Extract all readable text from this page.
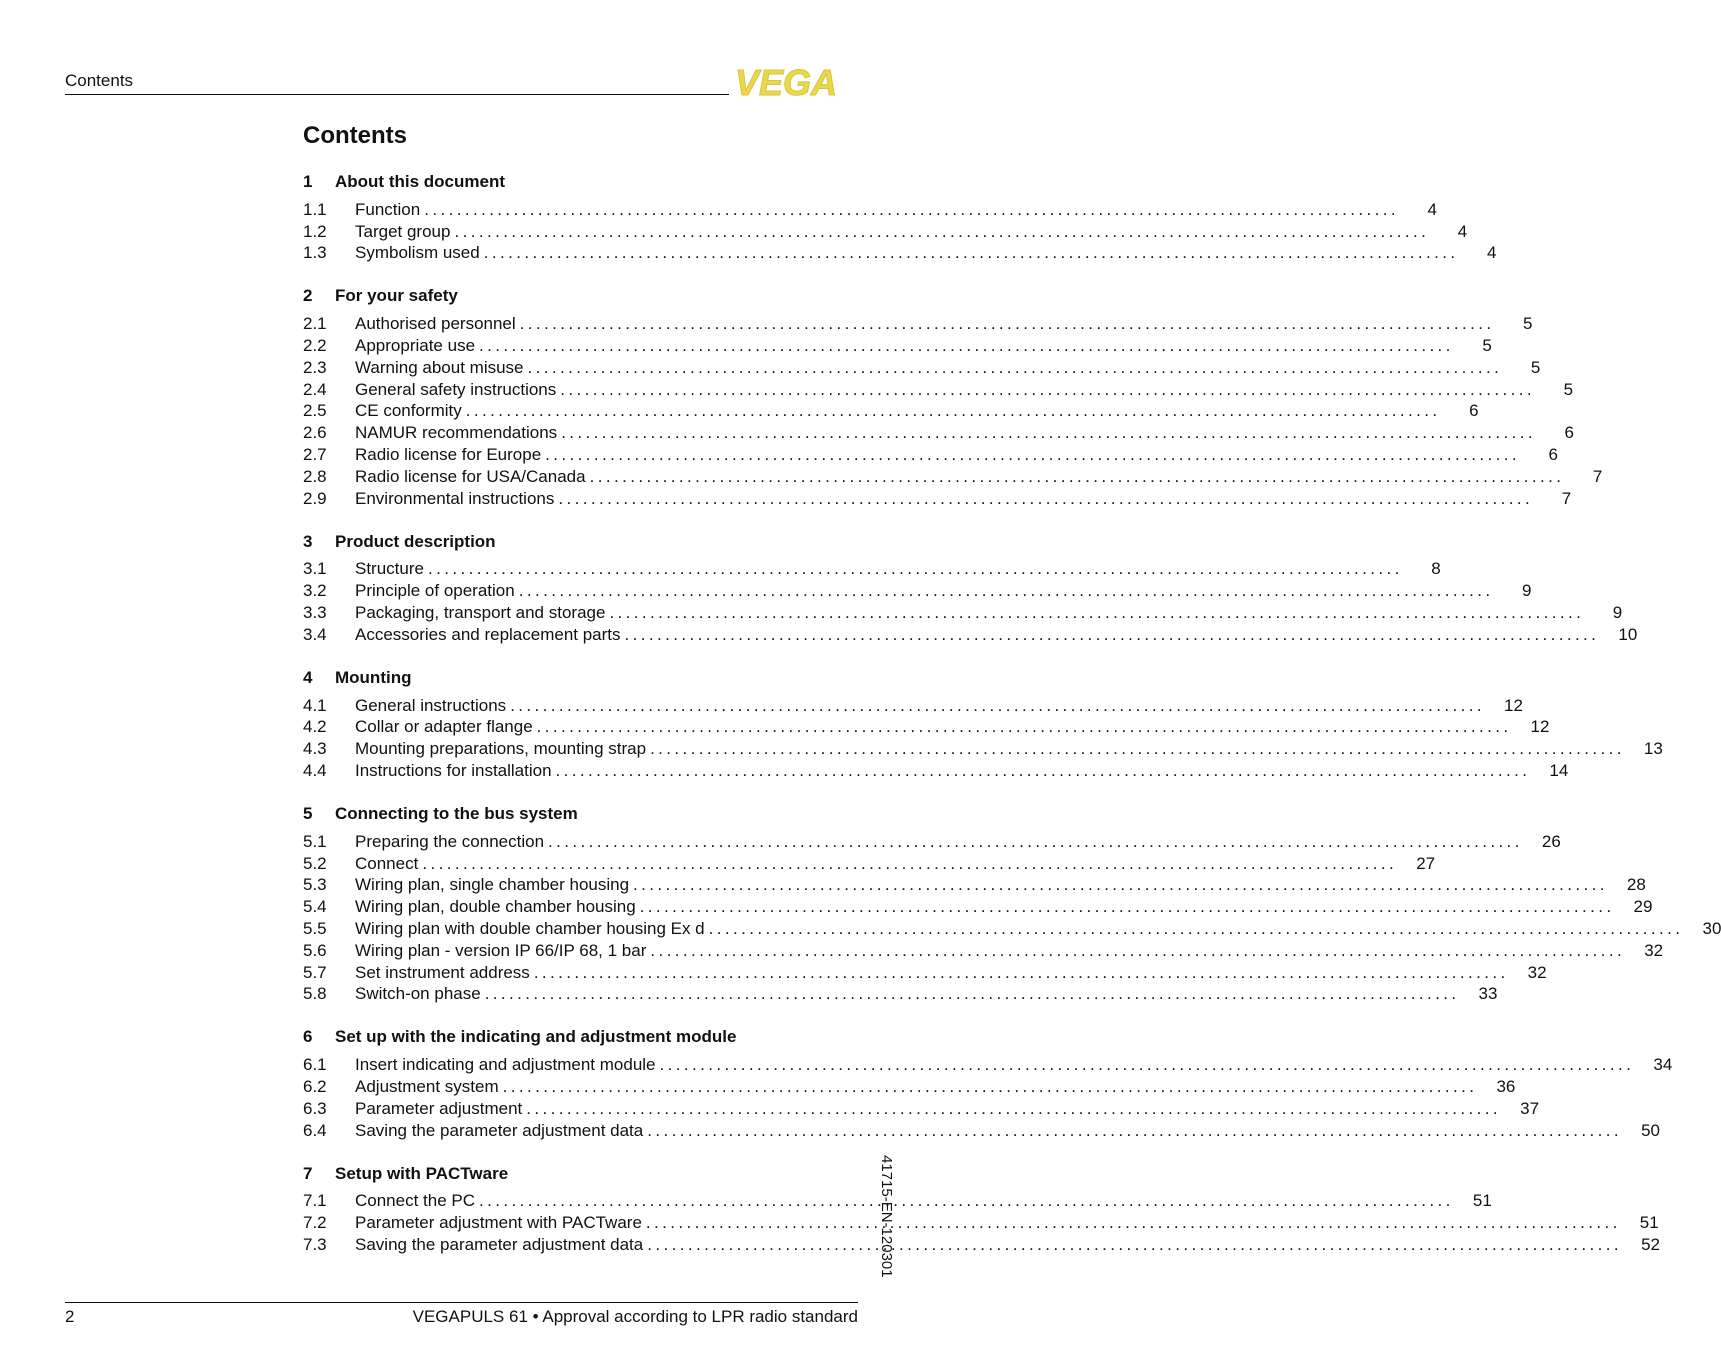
Contents	VEGA
Contents
1	About this document
1.1	Function ........................................................................................................................	4
1.2	Target group ........................................................................................................................	4
1.3	Symbolism used ........................................................................................................................	4
2	For your safety
2.1	Authorised personnel ........................................................................................................................	5
2.2	Appropriate use ........................................................................................................................	5
2.3	Warning about misuse ........................................................................................................................	5
2.4	General safety instructions ........................................................................................................................	5
2.5	CE conformity ........................................................................................................................	6
2.6	NAMUR recommendations ........................................................................................................................	6
2.7	Radio license for Europe ........................................................................................................................	6
2.8	Radio license for USA/Canada ........................................................................................................................	7
2.9	Environmental instructions ........................................................................................................................	7
3	Product description
3.1	Structure ........................................................................................................................	8
3.2	Principle of operation ........................................................................................................................	9
3.3	Packaging, transport and storage ........................................................................................................................	9
3.4	Accessories and replacement parts ........................................................................................................................	10
4	Mounting
4.1	General instructions ........................................................................................................................	12
4.2	Collar or adapter flange ........................................................................................................................	12
4.3	Mounting preparations, mounting strap ........................................................................................................................	13
4.4	Instructions for installation ........................................................................................................................	14
5	Connecting to the bus system
5.1	Preparing the connection ........................................................................................................................	26
5.2	Connect ........................................................................................................................	27
5.3	Wiring plan, single chamber housing ........................................................................................................................	28
5.4	Wiring plan, double chamber housing ........................................................................................................................	29
5.5	Wiring plan with double chamber housing Ex d ........................................................................................................................	30
5.6	Wiring plan - version IP 66/IP 68, 1 bar ........................................................................................................................	32
5.7	Set instrument address ........................................................................................................................	32
5.8	Switch-on phase ........................................................................................................................	33
6	Set up with the indicating and adjustment module
6.1	Insert indicating and adjustment module ........................................................................................................................	34
6.2	Adjustment system ........................................................................................................................	36
6.3	Parameter adjustment ........................................................................................................................	37
6.4	Saving the parameter adjustment data ........................................................................................................................	50
7	Setup with PACTware
7.1	Connect the PC ........................................................................................................................	51
7.2	Parameter adjustment with PACTware ........................................................................................................................	51
7.3	Saving the parameter adjustment data ........................................................................................................................	52
41715-EN-120301
2	VEGAPULS 61 • Approval according to LPR radio standard
